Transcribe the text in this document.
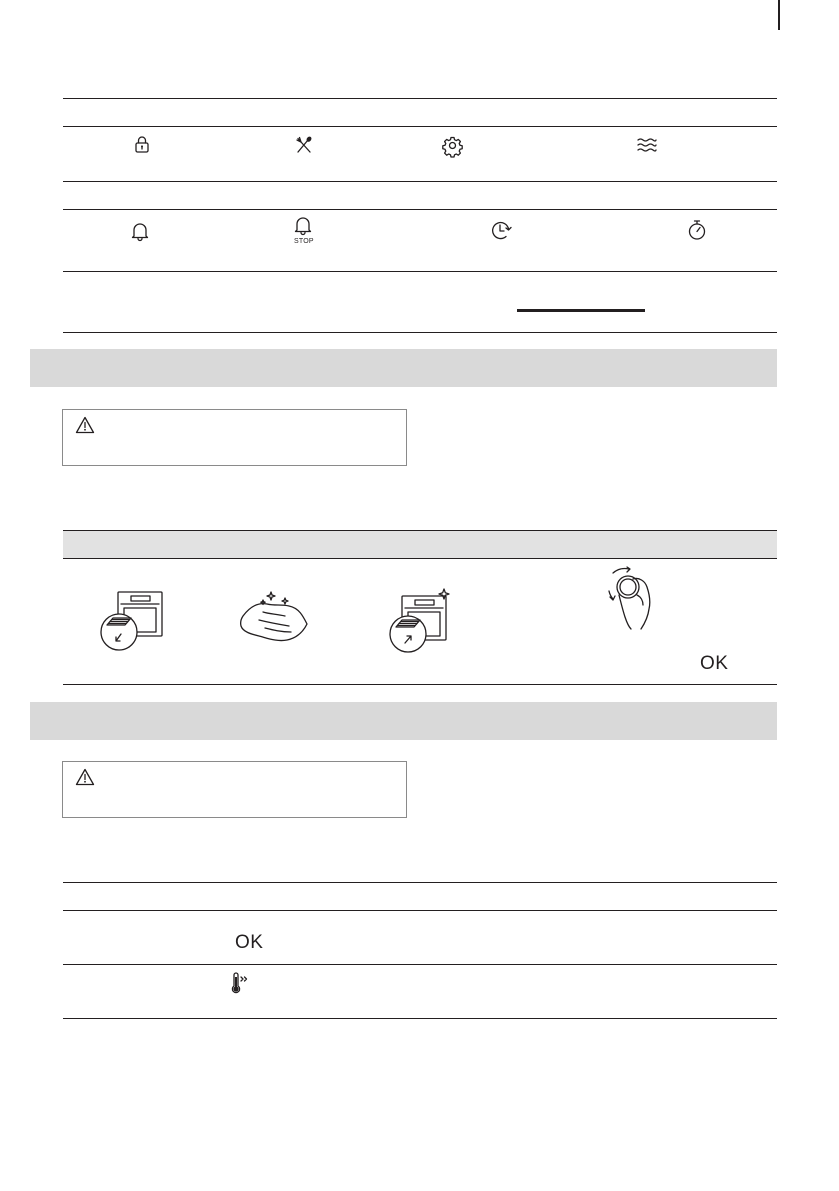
STOP
OK
OK
